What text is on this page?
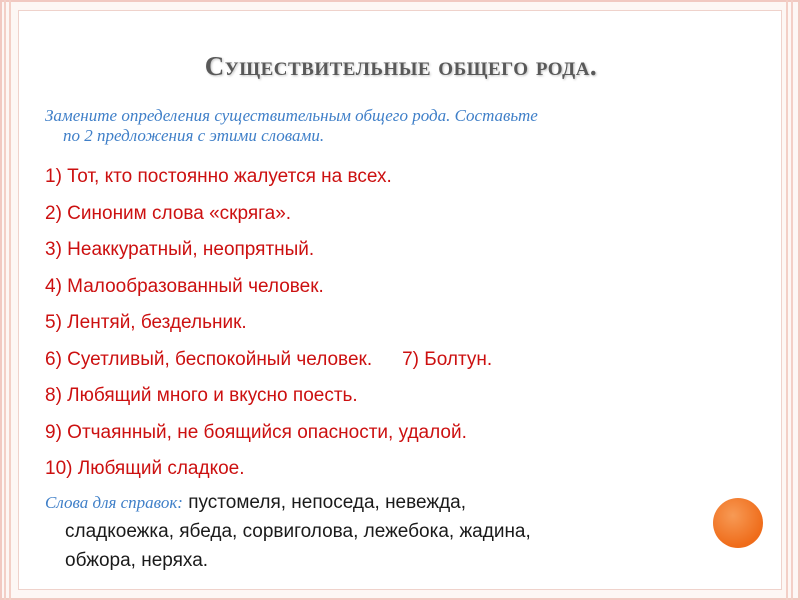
Существительные общего рода.
Замените определения существительным общего рода. Составьте
по 2 предложения с этими словами.
1) Тот, кто постоянно жалуется на всех.
2) Синоним слова «скряга».
3) Неаккуратный, неопрятный.
4) Малообразованный человек.
5) Лентяй, бездельник.
6) Суетливый, беспокойный человек. 7) Болтун.
8) Любящий много и вкусно поесть.
9) Отчаянный, не боящийся опасности, удалой.
10) Любящий сладкое.
Слова для справок: пустомеля, непоседа, невежда,
сладкоежка, ябеда, сорвиголова, лежебока, жадина,
обжора, неряха.
